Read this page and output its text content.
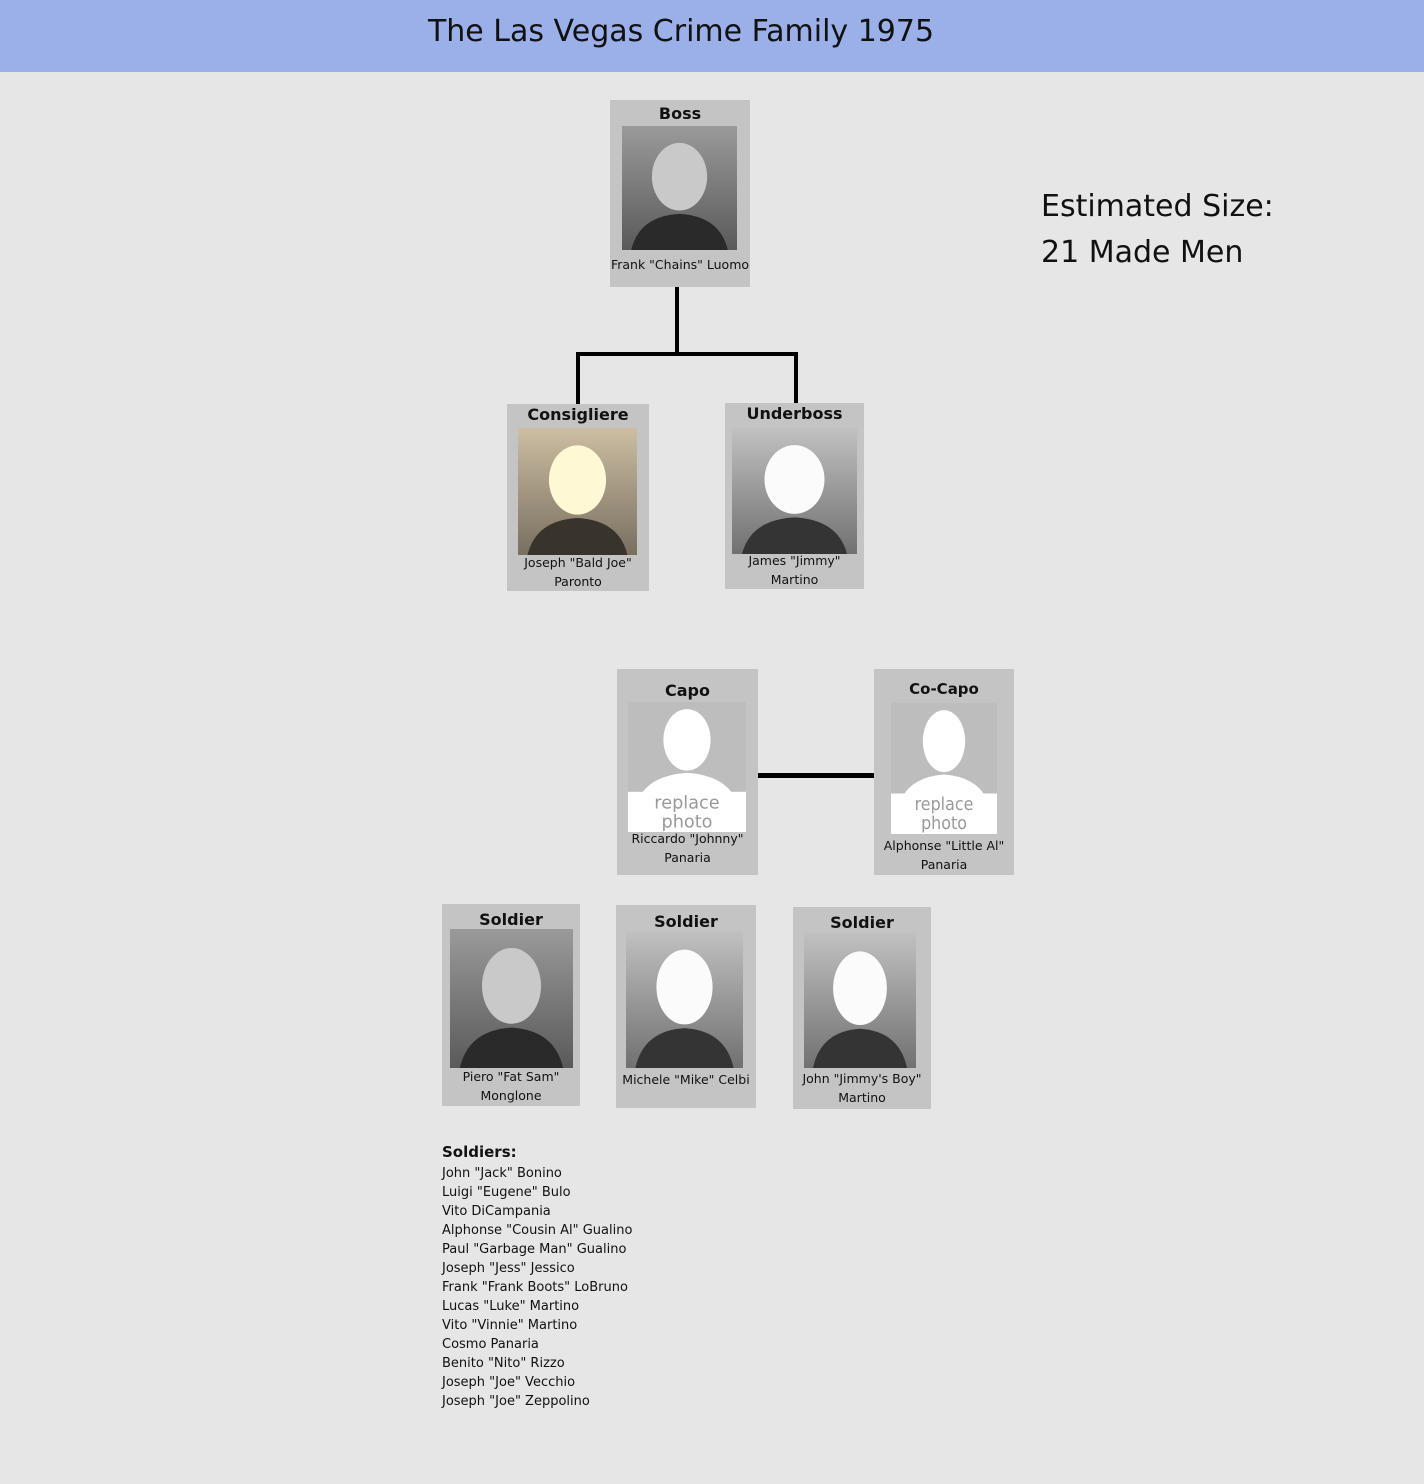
The Las Vegas Crime Family 1975
Estimated Size:
21 Made Men
Boss
Frank "Chains" Luomo
Consigliere
Joseph "Bald Joe"
Paronto
Underboss
James "Jimmy"
Martino
Capo
replace
photo
Riccardo "Johnny"
Panaria
Co-Capo
replace
photo
Alphonse "Little Al"
Panaria
Soldier
Piero "Fat Sam"
Monglone
Soldier
Michele "Mike" Celbi
Soldier
John "Jimmy's Boy"
Martino
Soldiers:
John "Jack" Bonino
Luigi "Eugene" Bulo
Vito DiCampania
Alphonse "Cousin Al" Gualino
Paul "Garbage Man" Gualino
Joseph "Jess" Jessico
Frank "Frank Boots" LoBruno
Lucas "Luke" Martino
Vito "Vinnie" Martino
Cosmo Panaria
Benito "Nito" Rizzo
Joseph "Joe" Vecchio
Joseph "Joe" Zeppolino
